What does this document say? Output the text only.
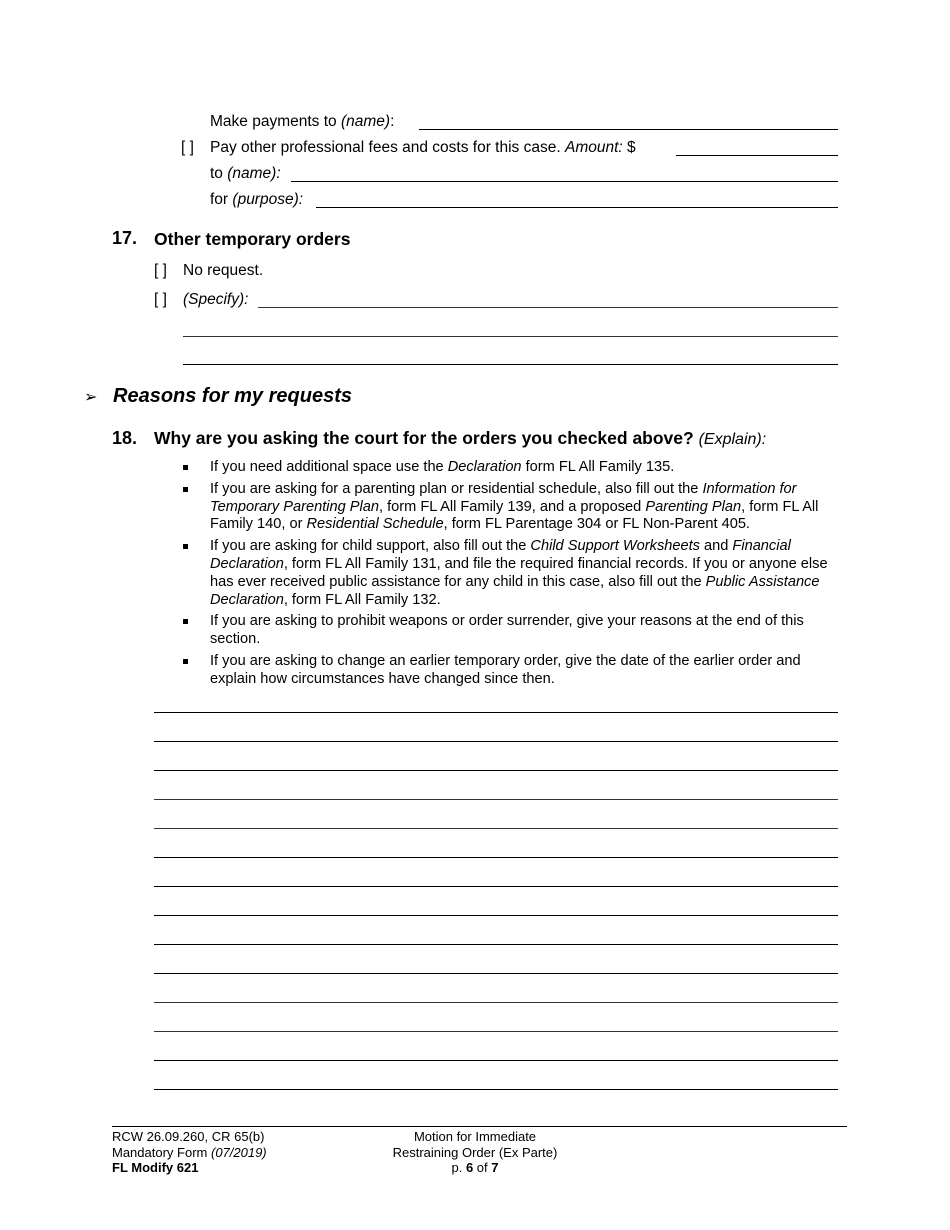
Make payments to (name):
[ ] Pay other professional fees and costs for this case. Amount: $
to (name):
for (purpose):
17. Other temporary orders
[ ] No request.
[ ] (Specify):
➢ Reasons for my requests
18. Why are you asking the court for the orders you checked above? (Explain):
If you need additional space use the Declaration form FL All Family 135.
If you are asking for a parenting plan or residential schedule, also fill out the Information for Temporary Parenting Plan, form FL All Family 139, and a proposed Parenting Plan, form FL All Family 140, or Residential Schedule, form FL Parentage 304 or FL Non-Parent 405.
If you are asking for child support, also fill out the Child Support Worksheets and Financial Declaration, form FL All Family 131, and file the required financial records. If you or anyone else has ever received public assistance for any child in this case, also fill out the Public Assistance Declaration, form FL All Family 132.
If you are asking to prohibit weapons or order surrender, give your reasons at the end of this section.
If you are asking to change an earlier temporary order, give the date of the earlier order and explain how circumstances have changed since then.
RCW 26.09.260, CR 65(b)
Mandatory Form (07/2019)
FL Modify 621
Motion for Immediate
Restraining Order (Ex Parte)
p. 6 of 7
